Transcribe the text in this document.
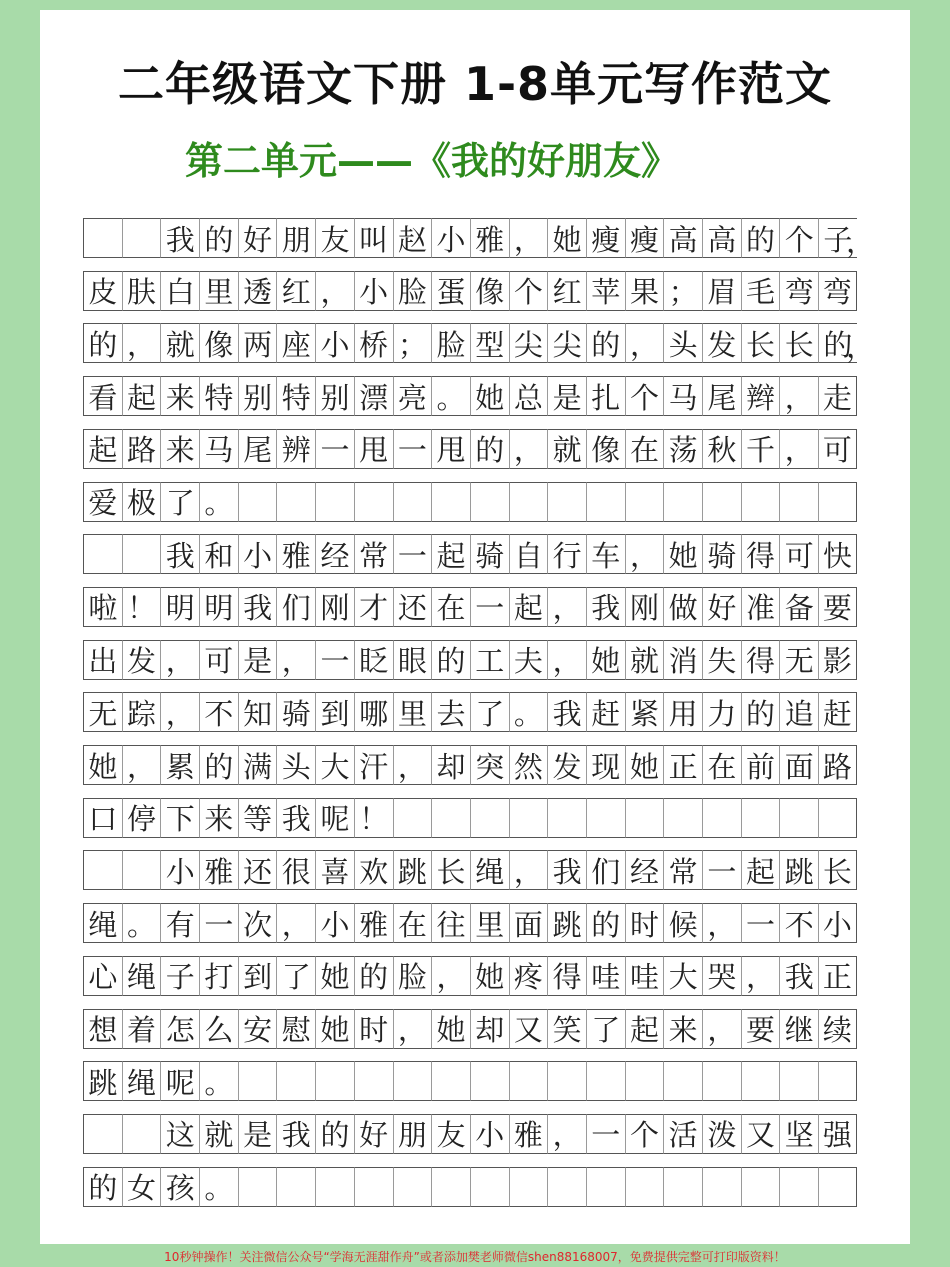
二年级语文下册 1-8单元写作范文
第二单元——《我的好朋友》
我 的 好 朋 友 叫 赵 小 雅 ， 她 瘦 瘦 高 高 的 个 子
，
皮 肤 白 里 透 红 ， 小 脸 蛋 像 个 红 苹 果 ； 眉 毛 弯 弯
的 ， 就 像 两 座 小 桥 ； 脸 型 尖 尖 的 ， 头 发 长 长 的
，
看 起 来 特 别 特 别 漂 亮 。 她 总 是 扎 个 马 尾 辫 ， 走
起 路 来 马 尾 辨 一 甩 一 甩 的 ， 就 像 在 荡 秋 千 ， 可
爱 极 了 。
我 和 小 雅 经 常 一 起 骑 自 行 车 ， 她 骑 得 可 快
啦 ！ 明 明 我 们 刚 才 还 在 一 起 ， 我 刚 做 好 准 备 要
出 发 ， 可 是 ， 一 眨 眼 的 工 夫 ， 她 就 消 失 得 无 影
无 踪 ， 不 知 骑 到 哪 里 去 了 。 我 赶 紧 用 力 的 追 赶
她 ， 累 的 满 头 大 汗 ， 却 突 然 发 现 她 正 在 前 面 路
口 停 下 来 等 我 呢 ！
小 雅 还 很 喜 欢 跳 长 绳 ， 我 们 经 常 一 起 跳 长
绳 。 有 一 次 ， 小 雅 在 往 里 面 跳 的 时 候 ， 一 不 小
心 绳 子 打 到 了 她 的 脸 ， 她 疼 得 哇 哇 大 哭 ， 我 正
想 着 怎 么 安 慰 她 时 ， 她 却 又 笑 了 起 来 ， 要 继 续
跳 绳 呢 。
这 就 是 我 的 好 朋 友 小 雅 ， 一 个 活 泼 又 坚 强
的 女 孩 。
10秒钟操作！关注微信公众号“学海无涯甜作舟”或者添加樊老师微信shen88168007，免费提供完整可打印版资料！
